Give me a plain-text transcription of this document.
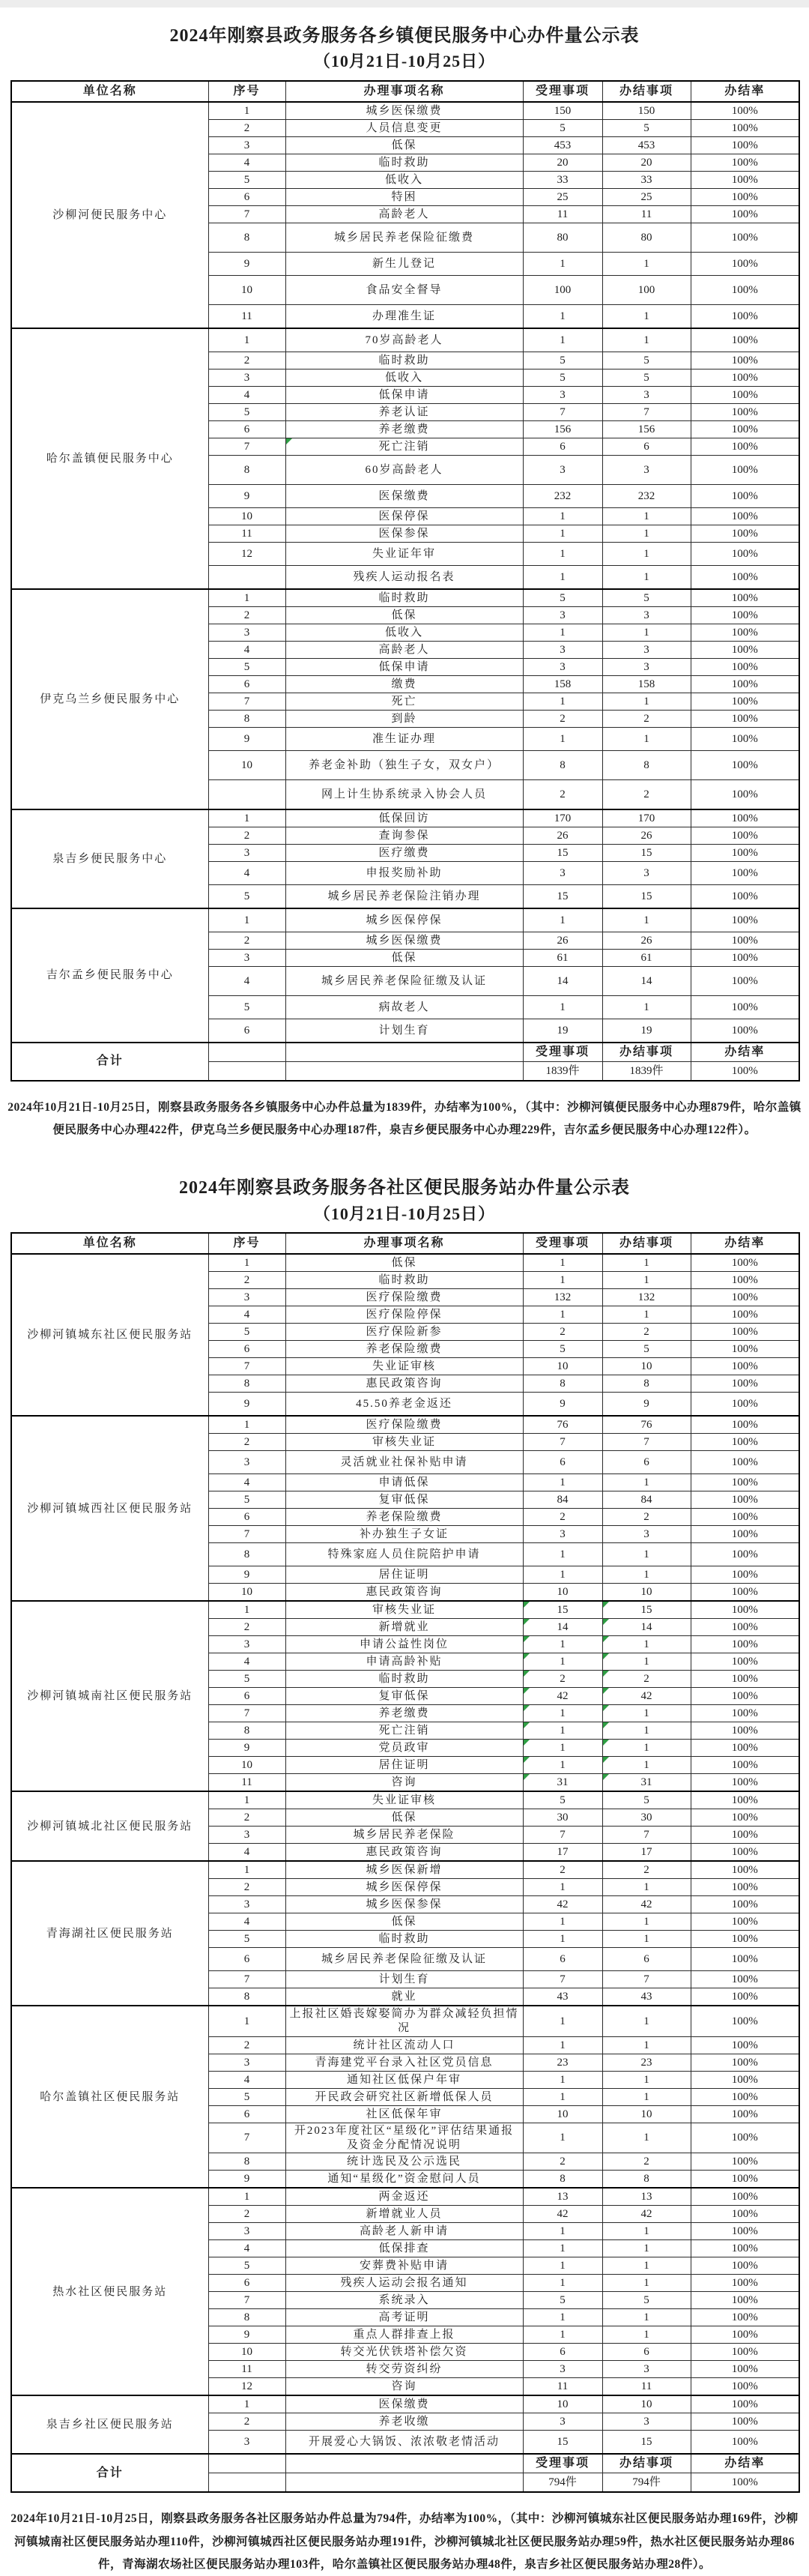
2024年刚察县政务服务各乡镇便民服务中心办件量公示表
（10月21日-10月25日）
单位名称	序号	办理事项名称	受理事项	办结事项	办结率
沙柳河便民服务中心	1	城乡医保缴费	150	150	100%
	2	人员信息变更	5	5	100%
	3	低保	453	453	100%
	4	临时救助	20	20	100%
	5	低收入	33	33	100%
	6	特困	25	25	100%
	7	高龄老人	11	11	100%
	8	城乡居民养老保险征缴费	80	80	100%
	9	新生儿登记	1	1	100%
	10	食品安全督导	100	100	100%
	11	办理准生证	1	1	100%
哈尔盖镇便民服务中心	1	70岁高龄老人	1	1	100%
	2	临时救助	5	5	100%
	3	低收入	5	5	100%
	4	低保申请	3	3	100%
	5	养老认证	7	7	100%
	6	养老缴费	156	156	100%
	7	死亡注销	6	6	100%
	8	60岁高龄老人	3	3	100%
	9	医保缴费	232	232	100%
	10	医保停保	1	1	100%
	11	医保参保	1	1	100%
	12	失业证年审	1	1	100%
		残疾人运动报名表	1	1	100%
伊克乌兰乡便民服务中心	1	临时救助	5	5	100%
	2	低保	3	3	100%
	3	低收入	1	1	100%
	4	高龄老人	3	3	100%
	5	低保申请	3	3	100%
	6	缴费	158	158	100%
	7	死亡	1	1	100%
	8	到龄	2	2	100%
	9	准生证办理	1	1	100%
	10	养老金补助（独生子女，双女户）	8	8	100%
		网上计生协系统录入协会人员	2	2	100%
泉吉乡便民服务中心	1	低保回访	170	170	100%
	2	查询参保	26	26	100%
	3	医疗缴费	15	15	100%
	4	申报奖励补助	3	3	100%
	5	城乡居民养老保险注销办理	15	15	100%
吉尔孟乡便民服务中心	1	城乡医保停保	1	1	100%
	2	城乡医保缴费	26	26	100%
	3	低保	61	61	100%
	4	城乡居民养老保险征缴及认证	14	14	100%
	5	病故老人	1	1	100%
	6	计划生育	19	19	100%
合计			受理事项	办结事项	办结率
			1839件	1839件	100%

2024年10月21日-10月25日，刚察县政务服务各乡镇服务中心办件总量为1839件，办结率为100%，（其中：沙柳河镇便民服务中心办理879件，哈尔盖镇便民服务中心办理422件，伊克乌兰乡便民服务中心办理187件，泉吉乡便民服务中心办理229件，吉尔孟乡便民服务中心办理122件）。

2024年刚察县政务服务各社区便民服务站办件量公示表
（10月21日-10月25日）
单位名称	序号	办理事项名称	受理事项	办结事项	办结率
沙柳河镇城东社区便民服务站	1	低保	1	1	100%
	2	临时救助	1	1	100%
	3	医疗保险缴费	132	132	100%
	4	医疗保险停保	1	1	100%
	5	医疗保险新参	2	2	100%
	6	养老保险缴费	5	5	100%
	7	失业证审核	10	10	100%
	8	惠民政策咨询	8	8	100%
	9	45.50养老金返还	9	9	100%
沙柳河镇城西社区便民服务站	1	医疗保险缴费	76	76	100%
	2	审核失业证	7	7	100%
	3	灵活就业社保补贴申请	6	6	100%
	4	申请低保	1	1	100%
	5	复审低保	84	84	100%
	6	养老保险缴费	2	2	100%
	7	补办独生子女证	3	3	100%
	8	特殊家庭人员住院陪护申请	1	1	100%
	9	居住证明	1	1	100%
	10	惠民政策咨询	10	10	100%
沙柳河镇城南社区便民服务站	1	审核失业证	15	15	100%
	2	新增就业	14	14	100%
	3	申请公益性岗位	1	1	100%
	4	申请高龄补贴	1	1	100%
	5	临时救助	2	2	100%
	6	复审低保	42	42	100%
	7	养老缴费	1	1	100%
	8	死亡注销	1	1	100%
	9	党员政审	1	1	100%
	10	居住证明	1	1	100%
	11	咨询	31	31	100%
沙柳河镇城北社区便民服务站	1	失业证审核	5	5	100%
	2	低保	30	30	100%
	3	城乡居民养老保险	7	7	100%
	4	惠民政策咨询	17	17	100%
青海湖社区便民服务站	1	城乡医保新增	2	2	100%
	2	城乡医保停保	1	1	100%
	3	城乡医保参保	42	42	100%
	4	低保	1	1	100%
	5	临时救助	1	1	100%
	6	城乡居民养老保险征缴及认证	6	6	100%
	7	计划生育	7	7	100%
	8	就业	43	43	100%
哈尔盖镇社区便民服务站	1	上报社区婚丧嫁娶简办为群众减轻负担情况	1	1	100%
	2	统计社区流动人口	1	1	100%
	3	青海建党平台录入社区党员信息	23	23	100%
	4	通知社区低保户年审	1	1	100%
	5	开民政会研究社区新增低保人员	1	1	100%
	6	社区低保年审	10	10	100%
	7	开2023年度社区“星级化”评估结果通报及资金分配情况说明	1	1	100%
	8	统计选民及公示选民	2	2	100%
	9	通知“星级化”资金慰问人员	8	8	100%
热水社区便民服务站	1	两金返还	13	13	100%
	2	新增就业人员	42	42	100%
	3	高龄老人新申请	1	1	100%
	4	低保排查	1	1	100%
	5	安葬费补贴申请	1	1	100%
	6	残疾人运动会报名通知	1	1	100%
	7	系统录入	5	5	100%
	8	高考证明	1	1	100%
	9	重点人群排查上报	1	1	100%
	10	转交光伏铁塔补偿欠资	6	6	100%
	11	转交劳资纠纷	3	3	100%
	12	咨询	11	11	100%
泉吉乡社区便民服务站	1	医保缴费	10	10	100%
	2	养老收缴	3	3	100%
	3	开展爱心大锅饭、浓浓敬老情活动	15	15	100%
合计			受理事项	办结事项	办结率
			794件	794件	100%

2024年10月21日-10月25日，刚察县政务服务各社区服务站办件总量为794件，办结率为100%，（其中：沙柳河镇城东社区便民服务站办理169件，沙柳河镇城南社区便民服务站办理110件，沙柳河镇城西社区便民服务站办理191件，沙柳河镇城北社区便民服务站办理59件，热水社区便民服务站办理86件，青海湖农场社区便民服务站办理103件，哈尔盖镇社区便民服务站办理48件，泉吉乡社区便民服务站办理28件）。
